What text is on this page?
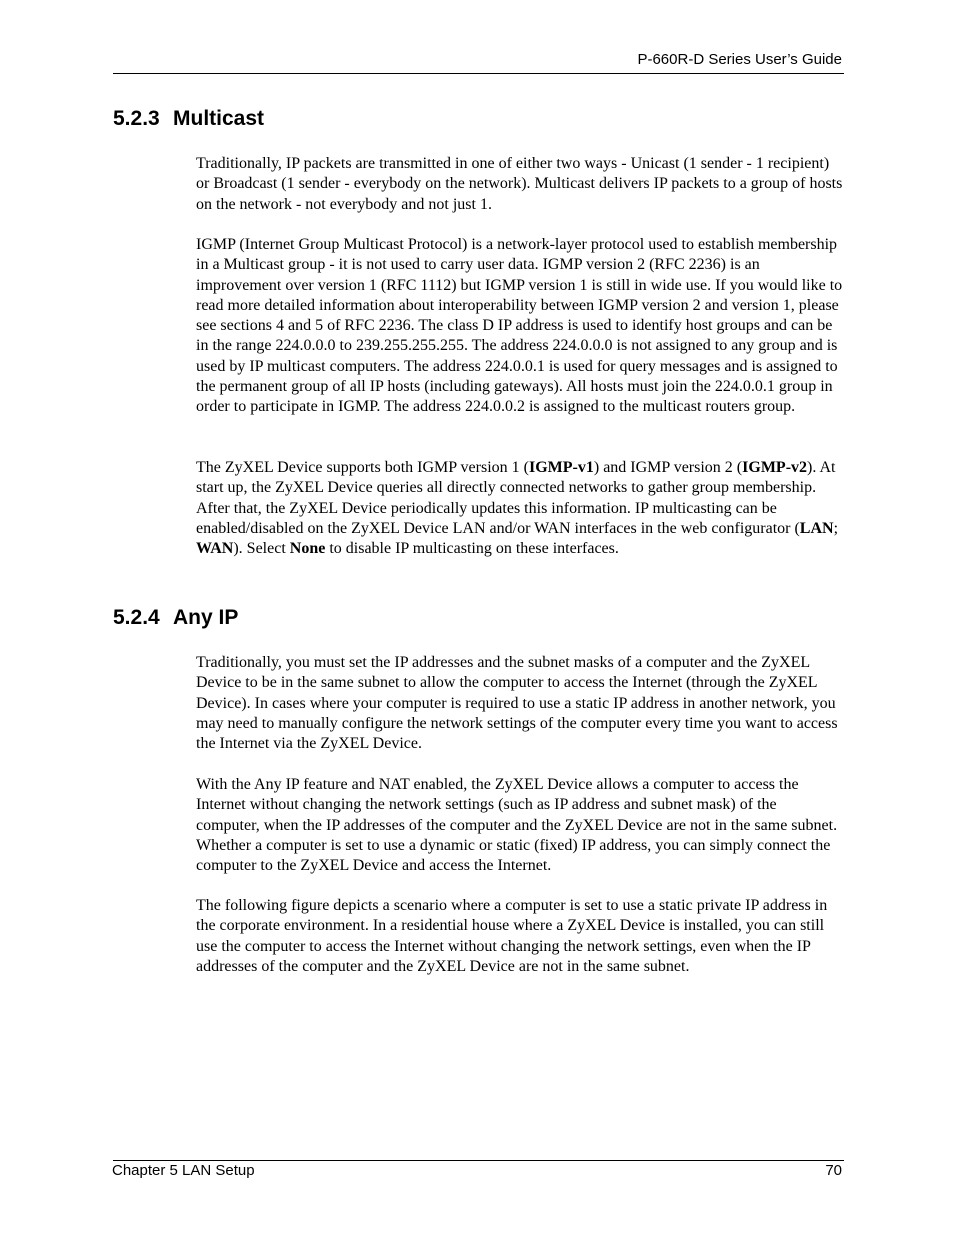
P-660R-D Series User’s Guide
5.2.3 Multicast

Traditionally, IP packets are transmitted in one of either two ways - Unicast (1 sender - 1 recipient) or Broadcast (1 sender - everybody on the network). Multicast delivers IP packets to a group of hosts on the network - not everybody and not just 1.

IGMP (Internet Group Multicast Protocol) is a network-layer protocol used to establish membership in a Multicast group - it is not used to carry user data. IGMP version 2 (RFC 2236) is an improvement over version 1 (RFC 1112) but IGMP version 1 is still in wide use. If you would like to read more detailed information about interoperability between IGMP version 2 and version 1, please see sections 4 and 5 of RFC 2236. The class D IP address is used to identify host groups and can be in the range 224.0.0.0 to 239.255.255.255. The address 224.0.0.0 is not assigned to any group and is used by IP multicast computers. The address 224.0.0.1 is used for query messages and is assigned to the permanent group of all IP hosts (including gateways). All hosts must join the 224.0.0.1 group in order to participate in IGMP. The address 224.0.0.2 is assigned to the multicast routers group.

The ZyXEL Device supports both IGMP version 1 (IGMP-v1) and IGMP version 2 (IGMP-v2). At start up, the ZyXEL Device queries all directly connected networks to gather group membership. After that, the ZyXEL Device periodically updates this information. IP multicasting can be enabled/disabled on the ZyXEL Device LAN and/or WAN interfaces in the web configurator (LAN; WAN). Select None to disable IP multicasting on these interfaces.

5.2.4 Any IP

Traditionally, you must set the IP addresses and the subnet masks of a computer and the ZyXEL Device to be in the same subnet to allow the computer to access the Internet (through the ZyXEL Device). In cases where your computer is required to use a static IP address in another network, you may need to manually configure the network settings of the computer every time you want to access the Internet via the ZyXEL Device.

With the Any IP feature and NAT enabled, the ZyXEL Device allows a computer to access the Internet without changing the network settings (such as IP address and subnet mask) of the computer, when the IP addresses of the computer and the ZyXEL Device are not in the same subnet. Whether a computer is set to use a dynamic or static (fixed) IP address, you can simply connect the computer to the ZyXEL Device and access the Internet.

The following figure depicts a scenario where a computer is set to use a static private IP address in the corporate environment. In a residential house where a ZyXEL Device is installed, you can still use the computer to access the Internet without changing the network settings, even when the IP addresses of the computer and the ZyXEL Device are not in the same subnet.

Chapter 5 LAN Setup	70
